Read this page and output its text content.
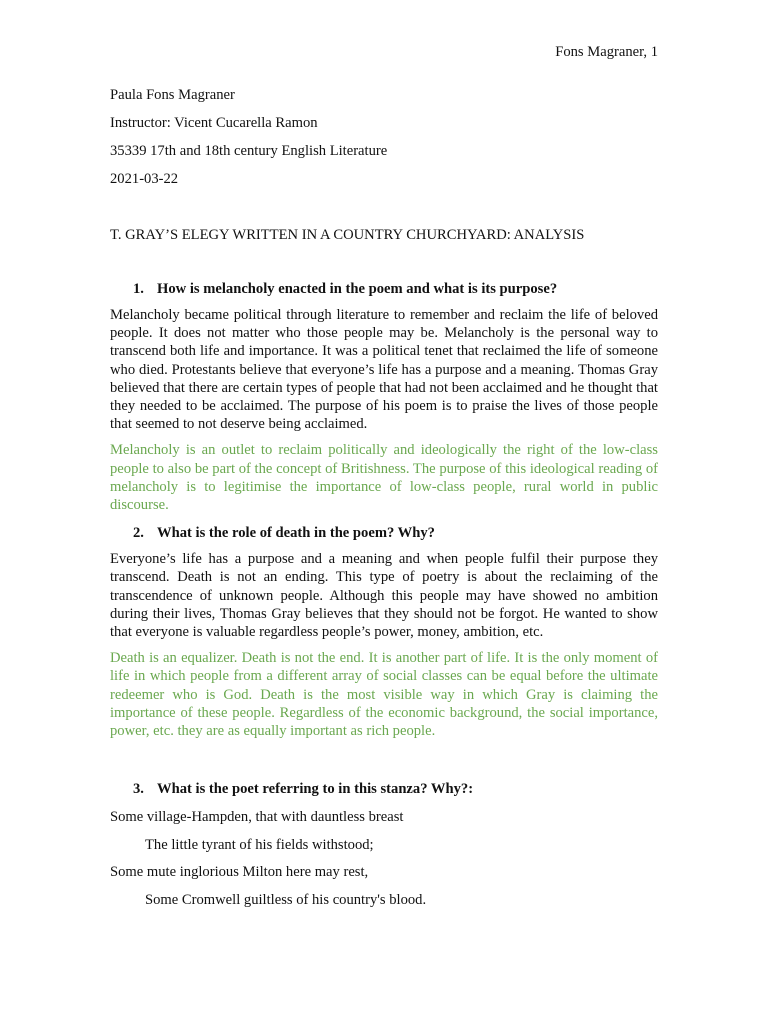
Fons Magraner, 1
Paula Fons Magraner
Instructor: Vicent Cucarella Ramon
35339 17th and 18th century English Literature
2021-03-22
T. GRAY’S ELEGY WRITTEN IN A COUNTRY CHURCHYARD: ANALYSIS
1. How is melancholy enacted in the poem and what is its purpose?

Melancholy became political through literature to remember and reclaim the life of beloved people. It does not matter who those people may be. Melancholy is the personal way to transcend both life and importance. It was a political tenet that reclaimed the life of someone who died. Protestants believe that everyone’s life has a purpose and a meaning. Thomas Gray believed that there are certain types of people that had not been acclaimed and he thought that they needed to be acclaimed. The purpose of his poem is to praise the lives of those people that seemed to not deserve being acclaimed.

Melancholy is an outlet to reclaim politically and ideologically the right of the low-class people to also be part of the concept of Britishness. The purpose of this ideological reading of melancholy is to legitimise the importance of low-class people, rural world in public discourse.

2. What is the role of death in the poem? Why?

Everyone’s life has a purpose and a meaning and when people fulfil their purpose they transcend. Death is not an ending. This type of poetry is about the reclaiming of the transcendence of unknown people. Although this people may have showed no ambition during their lives, Thomas Gray believes that they should not be forgot. He wanted to show that everyone is valuable regardless people’s power, money, ambition, etc.

Death is an equalizer. Death is not the end. It is another part of life. It is the only moment of life in which people from a different array of social classes can be equal before the ultimate redeemer who is God. Death is the most visible way in which Gray is claiming the importance of these people. Regardless of the economic background, the social importance, power, etc. they are as equally important as rich people.

3. What is the poet referring to in this stanza? Why?:
Some village-Hampden, that with dauntless breast
The little tyrant of his fields withstood;
Some mute inglorious Milton here may rest,
Some Cromwell guiltless of his country's blood.
